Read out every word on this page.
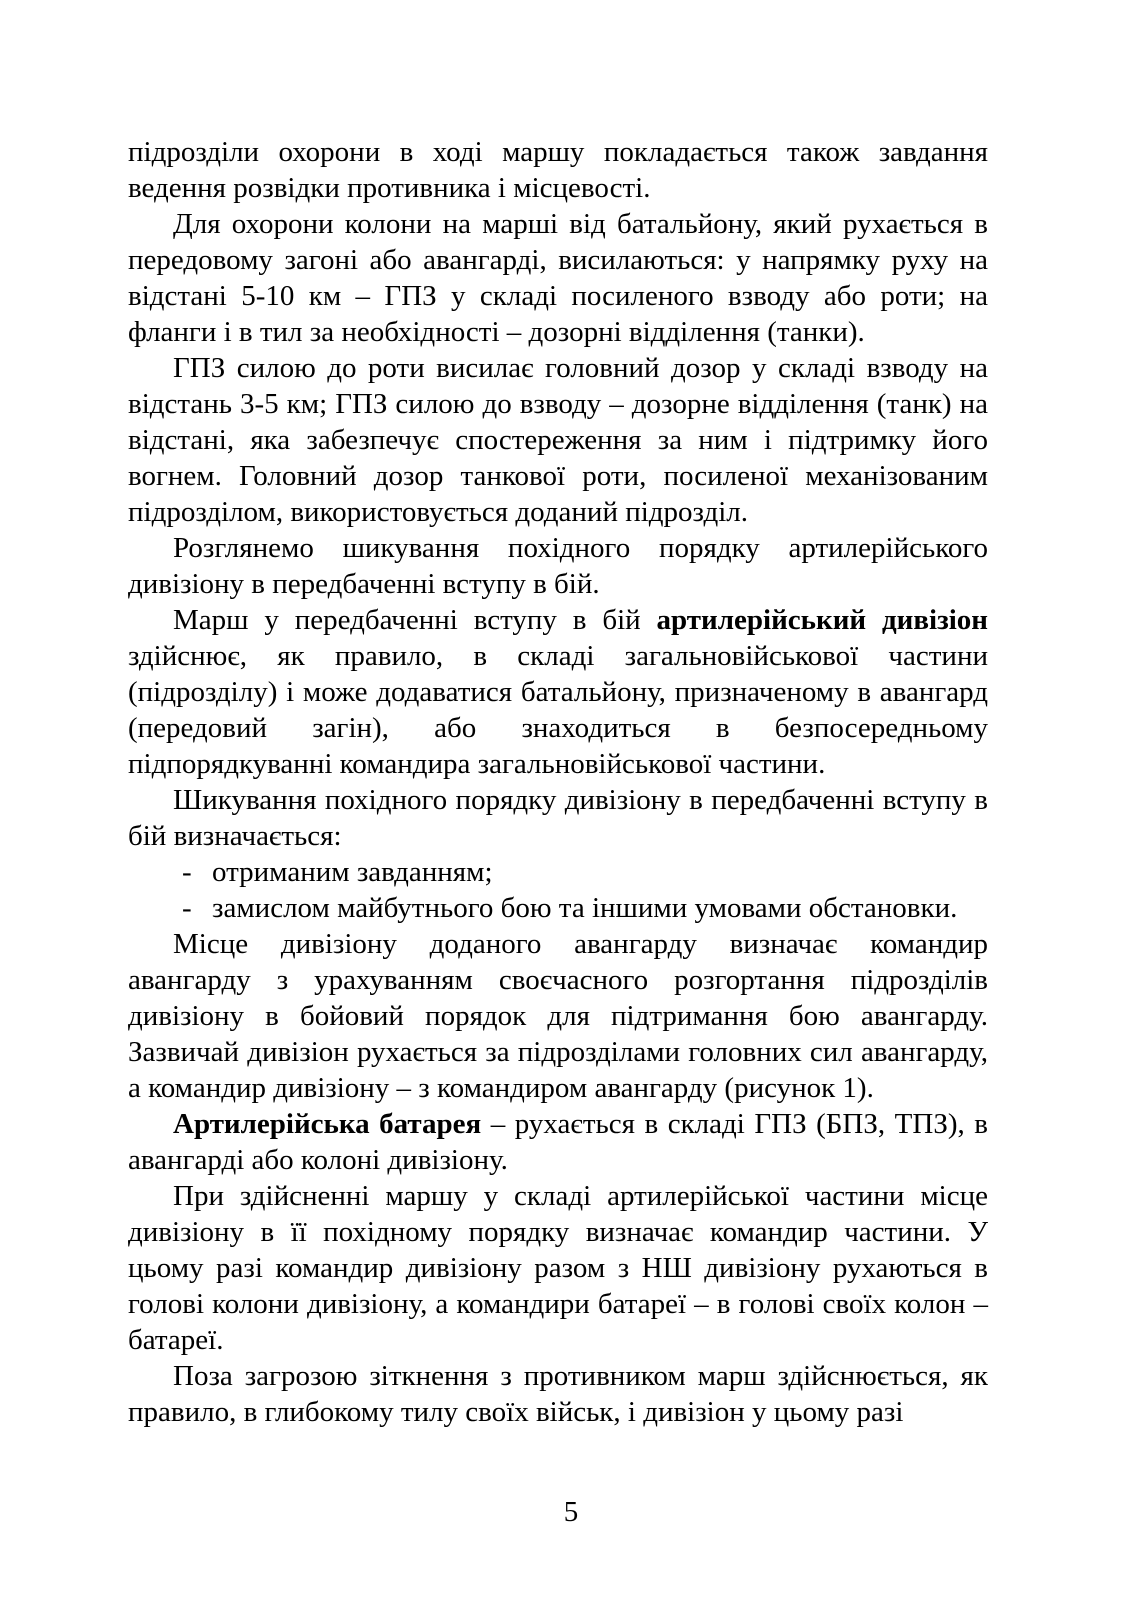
підрозділи охорони в ході маршу покладається також завдання ведення розвідки противника і місцевості.

Для охорони колони на марші від батальйону, який рухається в передовому загоні або авангарді, висилаються: у напрямку руху на відстані 5-10 км – ГПЗ у складі посиленого взводу або роти; на фланги і в тил за необхідності – дозорні відділення (танки).

ГПЗ силою до роти висилає головний дозор у складі взводу на відстань 3-5 км; ГПЗ силою до взводу – дозорне відділення (танк) на відстані, яка забезпечує спостереження за ним і підтримку його вогнем. Головний дозор танкової роти, посиленої механізованим підрозділом, використовується доданий підрозділ.

Розглянемо шикування похідного порядку артилерійського дивізіону в передбаченні вступу в бій.

Марш у передбаченні вступу в бій артилерійський дивізіон здійснює, як правило, в складі загальновійськової частини (підрозділу) і може додаватися батальйону, призначеному в авангард (передовий загін), або знаходиться в безпосередньому підпорядкуванні командира загальновійськової частини.

Шикування похідного порядку дивізіону в передбаченні вступу в бій визначається:

- отриманим завданням;

- замислом майбутнього бою та іншими умовами обстановки.

Місце дивізіону доданого авангарду визначає командир авангарду з урахуванням своєчасного розгортання підрозділів дивізіону в бойовий порядок для підтримання бою авангарду. Зазвичай дивізіон рухається за підрозділами головних сил авангарду, а командир дивізіону – з командиром авангарду (рисунок 1).

Артилерійська батарея – рухається в складі ГПЗ (БПЗ, ТПЗ), в авангарді або колоні дивізіону.

При здійсненні маршу у складі артилерійської частини місце дивізіону в її похідному порядку визначає командир частини. У цьому разі командир дивізіону разом з НШ дивізіону рухаються в голові колони дивізіону, а командири батареї – в голові своїх колон – батареї.

Поза загрозою зіткнення з противником марш здійснюється, як правило, в глибокому тилу своїх військ, і дивізіон у цьому разі

5
